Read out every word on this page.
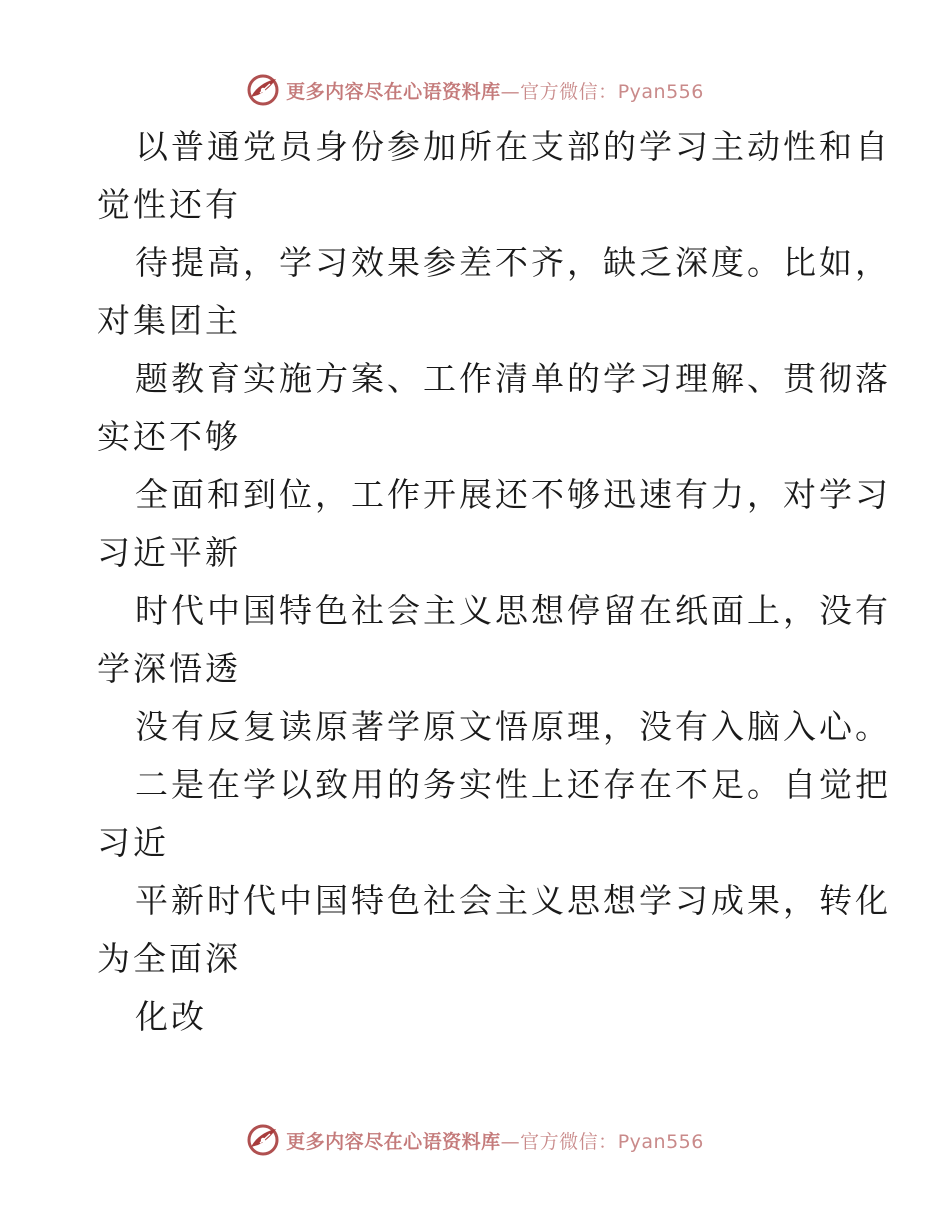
更多内容尽在心语资料库—官方微信：Pyan556
以普通党员身份参加所在支部的学习主动性和自
觉性还有
待提高，学习效果参差不齐，缺乏深度。比如，
对集团主
题教育实施方案、工作清单的学习理解、贯彻落
实还不够
全面和到位，工作开展还不够迅速有力，对学习
习近平新
时代中国特色社会主义思想停留在纸面上，没有
学深悟透
没有反复读原著学原文悟原理，没有入脑入心。
二是在学以致用的务实性上还存在不足。自觉把
习近
平新时代中国特色社会主义思想学习成果，转化
为全面深
化改
更多内容尽在心语资料库—官方微信：Pyan556
